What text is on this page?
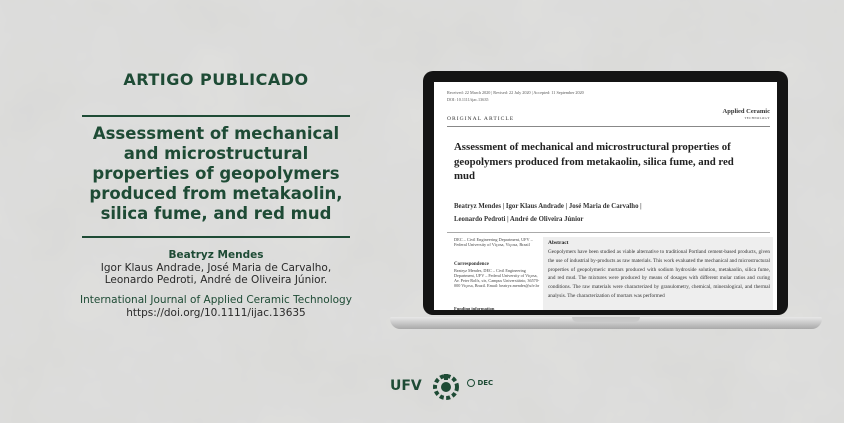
ARTIGO PUBLICADO
Assessment of mechanical and microstructural properties of geopolymers produced from metakaolin, silica fume, and red mud
Beatryz Mendes
Igor Klaus Andrade, José Maria de Carvalho, Leonardo Pedroti, André de Oliveira Júnior.
International Journal of Applied Ceramic Technology
https://doi.org/10.1111/ijac.13635
Received: 22 March 2020 | Revised: 22 July 2020 | Accepted: 11 September 2020
DOI: 10.1111/ijac.13635
ORIGINAL ARTICLE
Applied Ceramic
TECHNOLOGY
Assessment of mechanical and microstructural properties of geopolymers produced from metakaolin, silica fume, and red mud
Beatryz Mendes | Igor Klaus Andrade | José Maria de Carvalho |
Leonardo Pedroti | André de Oliveira Júnior
DEC – Civil Engineering Department, UFV – Federal University of Viçosa, Viçosa, Brazil
Correspondence
Beatryz Mendes, DEC – Civil Engineering Department, UFV – Federal University of Viçosa, Av. Peter Rolfs, s/n, Campus Universitário, 36570-000 Viçosa, Brazil. Email: beatryz.mendes@ufv.br
Funding information
Abstract
Geopolymers have been studied as viable alternative to traditional Portland cement-based products, given the use of industrial by-products as raw materials. This work evaluated the mechanical and microstructural properties of geopolymeric mortars produced with sodium hydroxide solution, metakaolin, silica fume, and red mud. The mixtures were produced by means of dosages with different molar ratios and curing conditions. The raw materials were characterized by granulometry, chemical, mineralogical, and thermal analysis. The characterization of mortars was performed
UFV	DEC
